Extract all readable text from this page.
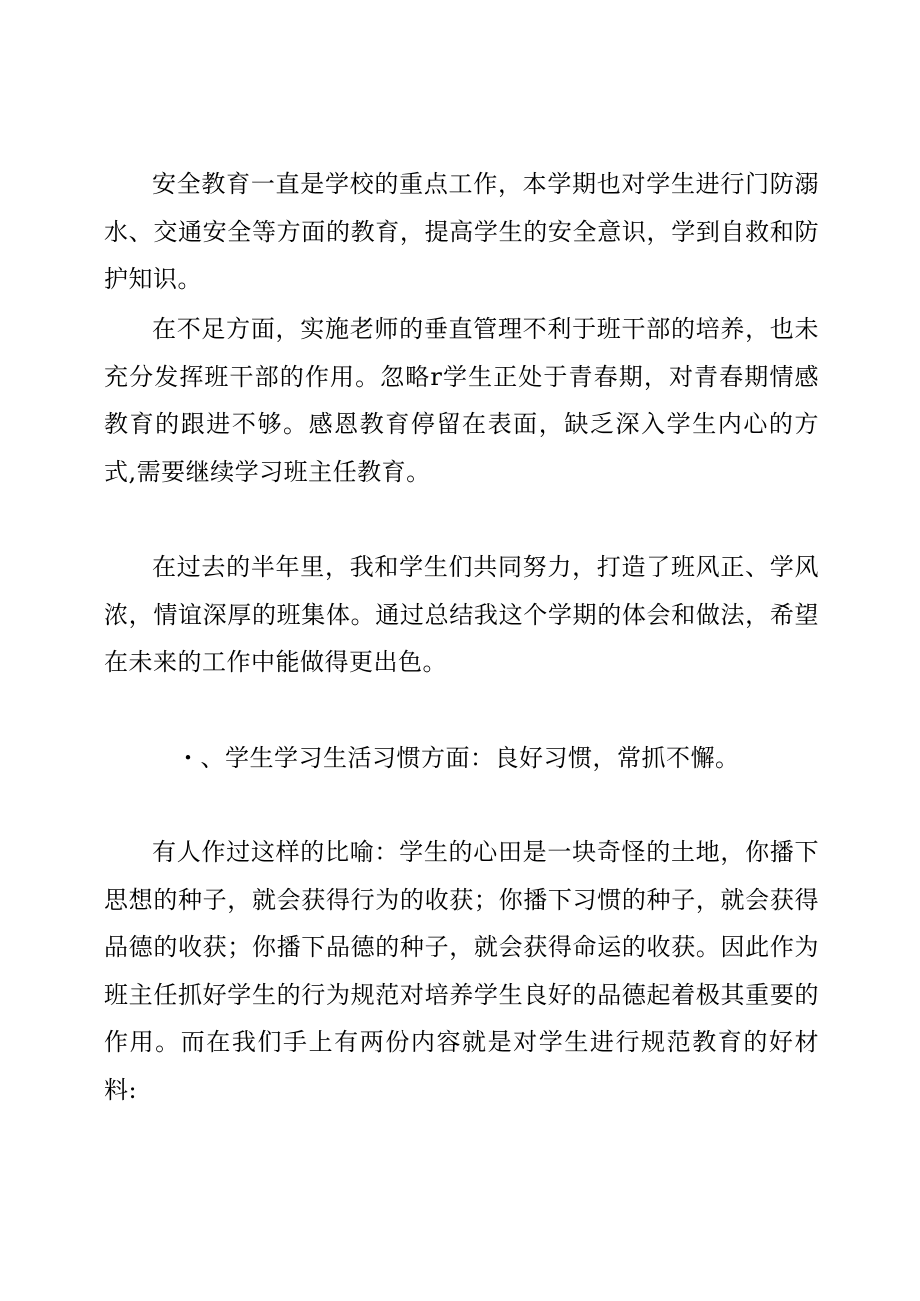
安全教育一直是学校的重点工作，本学期也对学生进行门防溺水、交通安全等方面的教育，提高学生的安全意识，学到自救和防护知识。

在不足方面，实施老师的垂直管理不利于班干部的培养，也未充分发挥班干部的作用。忽略r学生正处于青春期，对青春期情感教育的跟进不够。感恩教育停留在表面，缺乏深入学生内心的方式,需要继续学习班主任教育。

在过去的半年里，我和学生们共同努力，打造了班风正、学风浓，情谊深厚的班集体。通过总结我这个学期的体会和做法，希望在未来的工作中能做得更出色。

・、学生学习生活习惯方面：良好习惯，常抓不懈。

有人作过这样的比喻：学生的心田是一块奇怪的土地，你播下思想的种子，就会获得行为的收获；你播下习惯的种子，就会获得品德的收获；你播下品德的种子，就会获得命运的收获。因此作为班主任抓好学生的行为规范对培养学生良好的品德起着极其重要的作用。而在我们手上有两份内容就是对学生进行规范教育的好材料:
